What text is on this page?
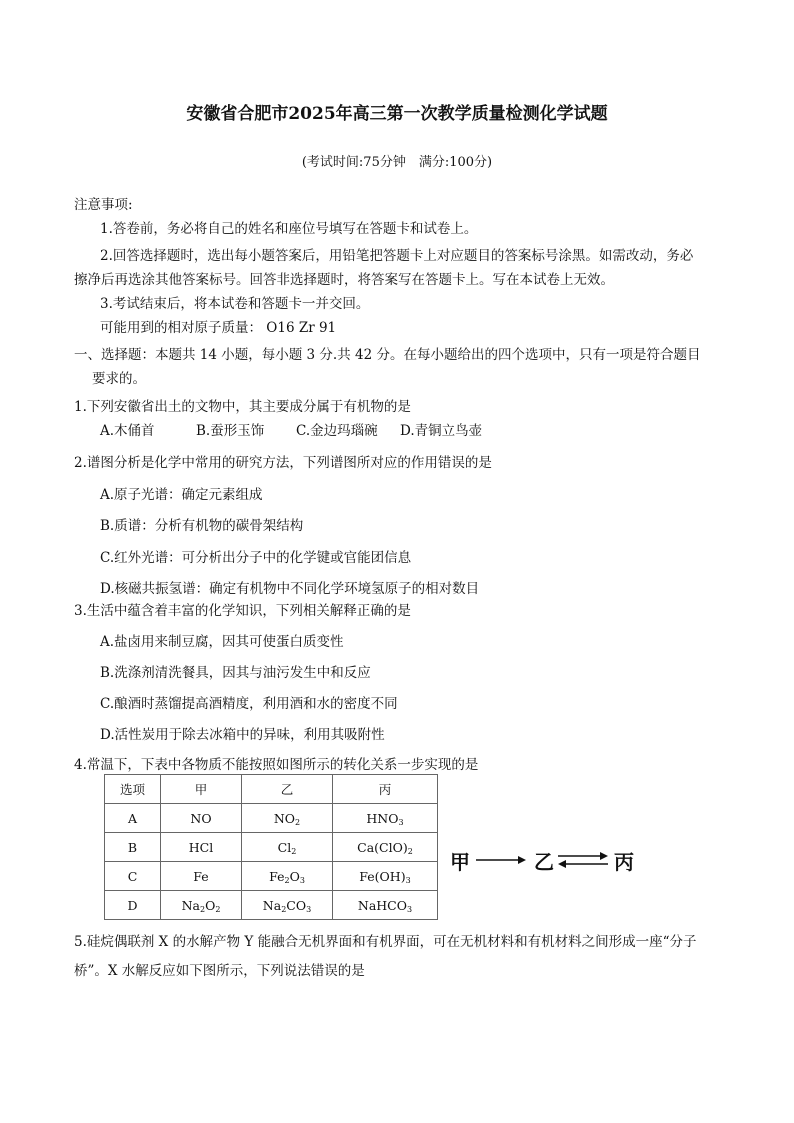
安徽省合肥市2025年高三第一次教学质量检测化学试题
(考试时间:75分钟　满分:100分)
注意事项:
1.答卷前，务必将自己的姓名和座位号填写在答题卡和试卷上。
2.回答选择题时，选出每小题答案后，用铅笔把答题卡上对应题目的答案标号涂黑。如需改动，务必
擦净后再选涂其他答案标号。回答非选择题时，将答案写在答题卡上。写在本试卷上无效。
3.考试结束后，将本试卷和答题卡一并交回。
可能用到的相对原子质量： O16 Zr 91
一、选择题：本题共 14 小题，每小题 3 分.共 42 分。在每小题给出的四个选项中，只有一项是符合题目
要求的。
1.下列安徽省出土的文物中，其主要成分属于有机物的是
A.木俑首	B.蚕形玉饰 C.金边玛瑙碗 D.青铜立鸟壶
2.谱图分析是化学中常用的研究方法，下列谱图所对应的作用错误的是
A.原子光谱：确定元素组成
B.质谱：分析有机物的碳骨架结构
C.红外光谱：可分析出分子中的化学键或官能团信息
D.核磁共振氢谱：确定有机物中不同化学环境氢原子的相对数目
3.生活中蕴含着丰富的化学知识，下列相关解释正确的是
A.盐卤用来制豆腐，因其可使蛋白质变性
B.洗涤剂清洗餐具，因其与油污发生中和反应
C.酿酒时蒸馏提高酒精度，利用酒和水的密度不同
D.活性炭用于除去冰箱中的异味，利用其吸附性
4.常温下，下表中各物质不能按照如图所示的转化关系一步实现的是
选项	甲	乙	丙
A	NO	$NO_2$	$HNO_3$
B	HCl	$Cl_2$	$Ca(ClO)_2$
C	Fe	$Fe_2O_3$	$Fe(OH)_3$
D	$Na_2O_2$	$Na_2CO_3$	NaHCO$_3$
甲	乙 ⇌ 丙
5.硅烷偶联剂 X 的水解产物 Y 能融合无机界面和有机界面，可在无机材料和有机材料之间形成一座“分子
桥”。X 水解反应如下图所示，下列说法错误的是
